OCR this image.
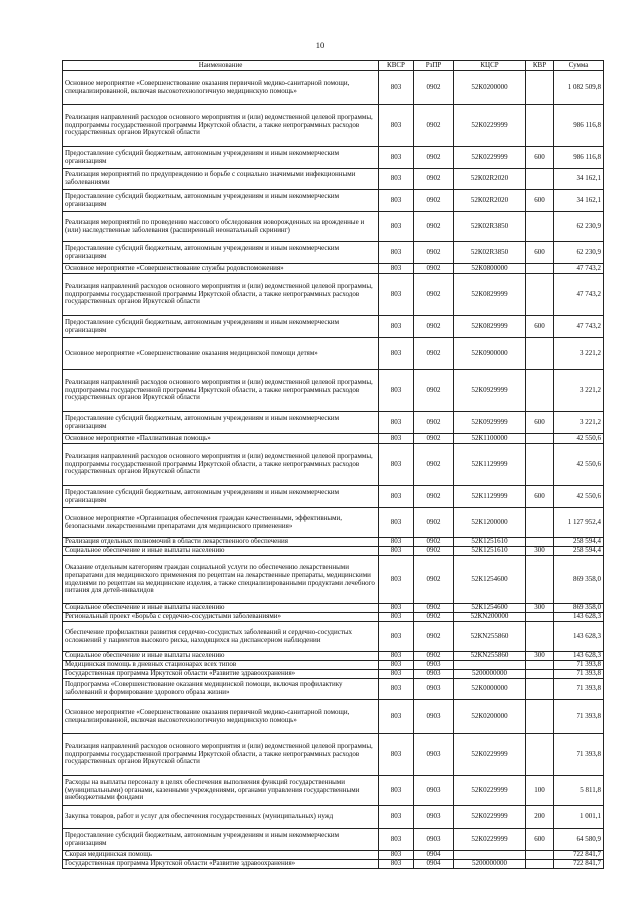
10
Наименование	КВСР	РзПР	КЦСР	КВР	Сумма
Основное мероприятие «Совершенствование оказания первичной медико-санитарной помощи, специализированной, включая высокотехнологичную медицинскую помощь»	803	0902	52К0200000		1 082 509,8
Реализация направлений расходов основного мероприятия и (или) ведомственной целевой программы, подпрограммы государственной программы Иркутской области, а также непрограммных расходов государственных органов Иркутской области	803	0902	52К0229999		986 116,8
Предоставление субсидий бюджетным, автономным учреждениям и иным некоммерческим организациям	803	0902	52К0229999	600	986 116,8
Реализация мероприятий по предупреждению и борьбе с социально значимыми инфекционными заболеваниями	803	0902	52К02R2020		34 162,1
Предоставление субсидий бюджетным, автономным учреждениям и иным некоммерческим организациям	803	0902	52К02R2020	600	34 162,1
Реализация мероприятий по проведению массового обследования новорожденных на врожденные и (или) наследственные заболевания (расширенный неонатальный скрининг)	803	0902	52К02R3850		62 230,9
Предоставление субсидий бюджетным, автономным учреждениям и иным некоммерческим организациям	803	0902	52К02R3850	600	62 230,9
Основное мероприятие «Совершенствование службы родовспоможения»	803	0902	52К0800000		47 743,2
Реализация направлений расходов основного мероприятия и (или) ведомственной целевой программы, подпрограммы государственной программы Иркутской области, а также непрограммных расходов государственных органов Иркутской области	803	0902	52К0829999		47 743,2
Предоставление субсидий бюджетным, автономным учреждениям и иным некоммерческим организациям	803	0902	52К0829999	600	47 743,2
Основное мероприятие «Совершенствование оказания медицинской помощи детям»	803	0902	52К0900000		3 221,2
Реализация направлений расходов основного мероприятия и (или) ведомственной целевой программы, подпрограммы государственной программы Иркутской области, а также непрограммных расходов государственных органов Иркутской области	803	0902	52К0929999		3 221,2
Предоставление субсидий бюджетным, автономным учреждениям и иным некоммерческим организациям	803	0902	52К0929999	600	3 221,2
Основное мероприятие «Паллиативная помощь»	803	0902	52К1100000		42 550,6
Реализация направлений расходов основного мероприятия и (или) ведомственной целевой программы, подпрограммы государственной программы Иркутской области, а также непрограммных расходов государственных органов Иркутской области	803	0902	52К1129999		42 550,6
Предоставление субсидий бюджетным, автономным учреждениям и иным некоммерческим организациям	803	0902	52К1129999	600	42 550,6
Основное мероприятие «Организация обеспечения граждан качественными, эффективными, безопасными лекарственными препаратами для медицинского применения»	803	0902	52К1200000		1 127 952,4
Реализация отдельных полномочий в области лекарственного обеспечения	803	0902	52К1251610		258 594,4
Социальное обеспечение и иные выплаты населению	803	0902	52К1251610	300	258 594,4
Оказание отдельным категориям граждан социальной услуги по обеспечению лекарственными препаратами для медицинского применения по рецептам на лекарственные препараты, медицинскими изделиями по рецептам на медицинские изделия, а также специализированными продуктами лечебного питания для детей-инвалидов	803	0902	52К1254600		869 358,0
Социальное обеспечение и иные выплаты населению	803	0902	52К1254600	300	869 358,0
Региональный проект «Борьба с сердечно-сосудистыми заболеваниями»	803	0902	52КN200000		143 628,3
Обеспечение профилактики развития сердечно-сосудистых заболеваний и сердечно-сосудистых осложнений у пациентов высокого риска, находящихся на диспансерном наблюдении	803	0902	52КN255860		143 628,3
Социальное обеспечение и иные выплаты населению	803	0902	52КN255860	300	143 628,3
Медицинская помощь в дневных стационарах всех типов	803	0903			71 393,8
Государственная программа Иркутской области «Развитие здравоохранения»	803	0903	5200000000		71 393,8
Подпрограмма «Совершенствование оказания медицинской помощи, включая профилактику заболеваний и формирование здорового образа жизни»	803	0903	52К0000000		71 393,8
Основное мероприятие «Совершенствование оказания первичной медико-санитарной помощи, специализированной, включая высокотехнологичную медицинскую помощь»	803	0903	52К0200000		71 393,8
Реализация направлений расходов основного мероприятия и (или) ведомственной целевой программы, подпрограммы государственной программы Иркутской области, а также непрограммных расходов государственных органов Иркутской области	803	0903	52К0229999		71 393,8
Расходы на выплаты персоналу в целях обеспечения выполнения функций государственными (муниципальными) органами, казенными учреждениями, органами управления государственными внебюджетными фондами	803	0903	52К0229999	100	5 811,8
Закупка товаров, работ и услуг для обеспечения государственных (муниципальных) нужд	803	0903	52К0229999	200	1 001,1
Предоставление субсидий бюджетным, автономным учреждениям и иным некоммерческим организациям	803	0903	52К0229999	600	64 580,9
Скорая медицинская помощь	803	0904			722 841,7
Государственная программа Иркутской области «Развитие здравоохранения»	803	0904	5200000000		722 841,7
